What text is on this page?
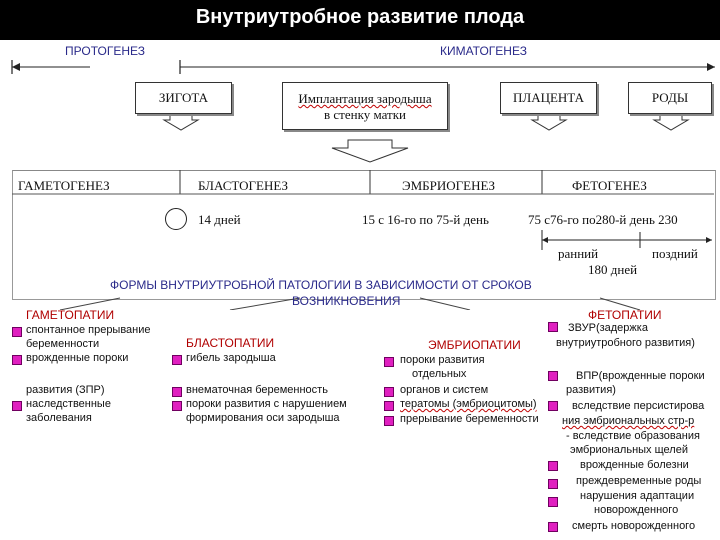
Внутриутробное развитие плода
ПРОТОГЕНЕЗ	КИМАТОГЕНЕЗ
ЗИГОТА	Имплантация зародыша
в стенку матки
ПЛАЦЕНТА	РОДЫ
ГАМЕТОГЕНЕЗ	БЛАСТОГЕНЕЗ	ЭМБРИОГЕНЕЗ	ФЕТОГЕНЕЗ
14 дней	15 с 16-го по 75-й день	75 с76-го по280-й день 230
ранний	поздний
180 дней
ФОРМЫ ВНУТРИУТРОБНОЙ ПАТОЛОГИИ В ЗАВИСИМОСТИ ОТ СРОКОВ
ВОЗНИКНОВЕНИЯ
ГАМЕТОПАТИИ
спонтанное прерывание
беременности
врожденные пороки
развития (ЗПР)
наследственные
заболевания
БЛАСТОПАТИИ
гибель зародыша
внематочная беременность
пороки развития с нарушением
формирования оси зародыша
ЭМБРИОПАТИИ
пороки развития
отдельных
органов и систем
тератомы (эмбриоцитомы)
прерывание беременности
ФЕТОПАТИИ
ЗВУР(задержка
внутриутробного развития)
ВПР(врожденные пороки
развития)
вследствие персистирова
ния эмбриональных стр-р
- вследствие образования
эмбриональных щелей
врожденные болезни
преждевременные роды
нарушения адаптации
новорожденного
смерть новорожденного
